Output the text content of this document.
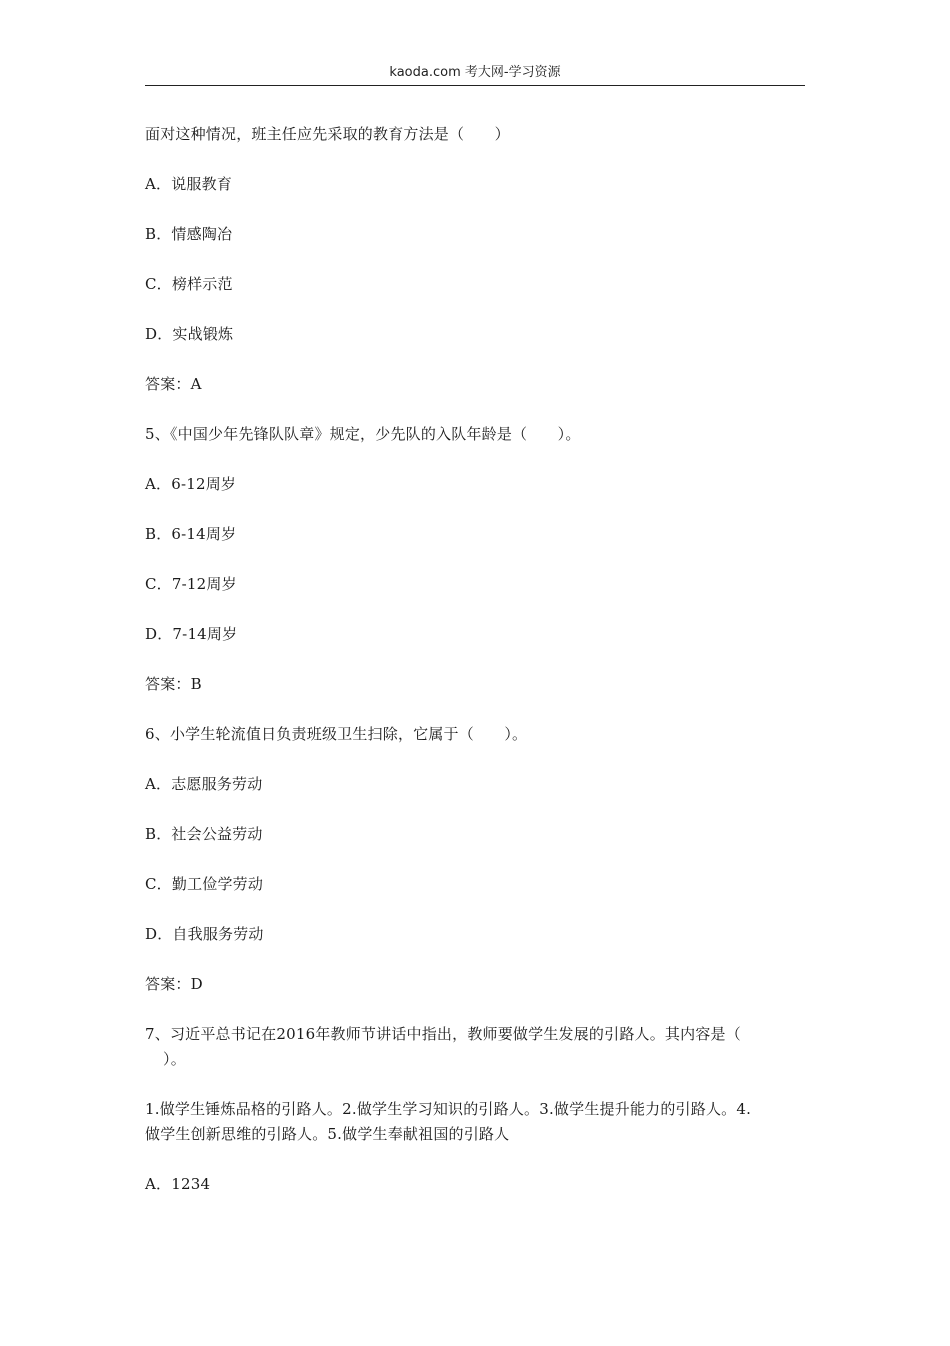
kaoda.com 考大网-学习资源
面对这种情况，班主任应先采取的教育方法是（　　）
A．说服教育
B．情感陶冶
C．榜样示范
D．实战锻炼
答案：A
5、《中国少年先锋队队章》规定，少先队的入队年龄是（　　）。
A．6-12周岁
B．6-14周岁
C．7-12周岁
D．7-14周岁
答案：B
6、小学生轮流值日负责班级卫生扫除，它属于（　　）。
A．志愿服务劳动
B．社会公益劳动
C．勤工俭学劳动
D．自我服务劳动
答案：D
7、习近平总书记在2016年教师节讲话中指出，教师要做学生发展的引路人。其内容是（
）。
1.做学生锤炼品格的引路人。2.做学生学习知识的引路人。3.做学生提升能力的引路人。4.
做学生创新思维的引路人。5.做学生奉献祖国的引路人
A．1234
